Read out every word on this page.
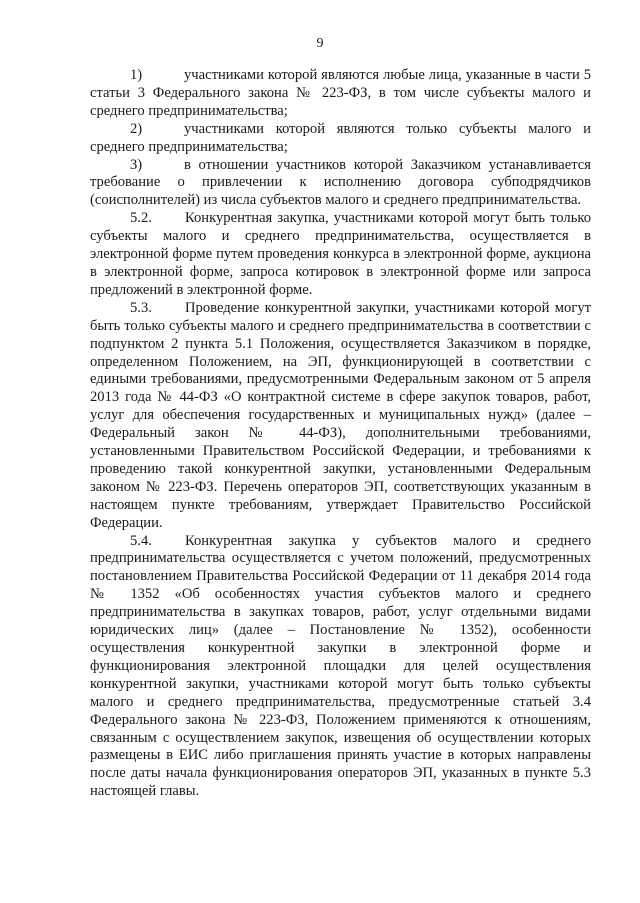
9

1)	участниками которой являются любые лица, указанные в части 5 статьи 3 Федерального закона № 223-ФЗ, в том числе субъекты малого и среднего предпринимательства;

2)	участниками которой являются только субъекты малого и среднего предпринимательства;

3)	в отношении участников которой Заказчиком устанавливается требование о привлечении к исполнению договора субподрядчиков (соисполнителей) из числа субъектов малого и среднего предпринимательства.

5.2. Конкурентная закупка, участниками которой могут быть только субъекты малого и среднего предпринимательства, осуществляется в электронной форме путем проведения конкурса в электронной форме, аукциона в электронной форме, запроса котировок в электронной форме или запроса предложений в электронной форме.

5.3. Проведение конкурентной закупки, участниками которой могут быть только субъекты малого и среднего предпринимательства в соответствии с подпунктом 2 пункта 5.1 Положения, осуществляется Заказчиком в порядке, определенном Положением, на ЭП, функционирующей в соответствии с едиными требованиями, предусмотренными Федеральным законом от 5 апреля 2013 года № 44-ФЗ «О контрактной системе в сфере закупок товаров, работ, услуг для обеспечения государственных и муниципальных нужд» (далее – Федеральный закон № 44-ФЗ), дополнительными требованиями, установленными Правительством Российской Федерации, и требованиями к проведению такой конкурентной закупки, установленными Федеральным законом № 223-ФЗ. Перечень операторов ЭП, соответствующих указанным в настоящем пункте требованиям, утверждает Правительство Российской Федерации.

5.4. Конкурентная закупка у субъектов малого и среднего предпринимательства осуществляется с учетом положений, предусмотренных постановлением Правительства Российской Федерации от 11 декабря 2014 года № 1352 «Об особенностях участия субъектов малого и среднего предпринимательства в закупках товаров, работ, услуг отдельными видами юридических лиц» (далее – Постановление № 1352), особенности осуществления конкурентной закупки в электронной форме и функционирования электронной площадки для целей осуществления конкурентной закупки, участниками которой могут быть только субъекты малого и среднего предпринимательства, предусмотренные статьей 3.4 Федерального закона № 223-ФЗ, Положением применяются к отношениям, связанным с осуществлением закупок, извещения об осуществлении которых размещены в ЕИС либо приглашения принять участие в которых направлены после даты начала функционирования операторов ЭП, указанных в пункте 5.3 настоящей главы.
